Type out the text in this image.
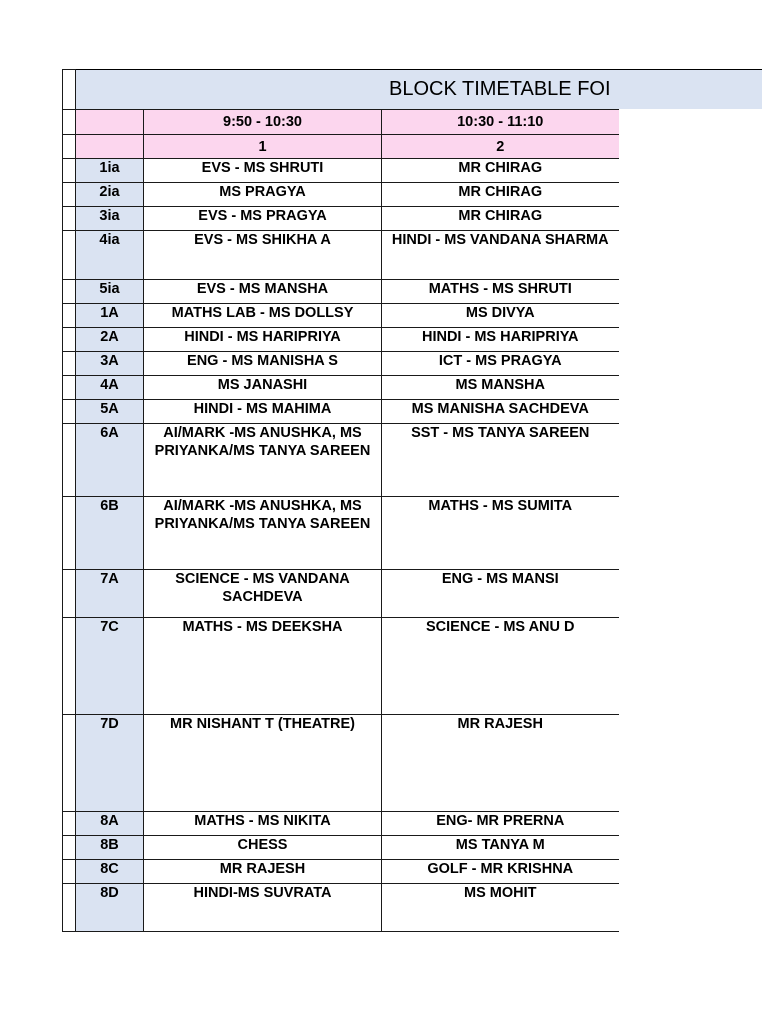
BLOCK TIMETABLE FOI

		9:50 - 10:30	10:30 - 11:10
		1	2
	1ia	EVS - MS SHRUTI	MR CHIRAG
	2ia	MS PRAGYA	MR CHIRAG
	3ia	EVS - MS PRAGYA	MR CHIRAG
	4ia	EVS - MS SHIKHA A	HINDI - MS VANDANA SHARMA
	5ia	EVS - MS MANSHA	MATHS - MS SHRUTI
	1A	MATHS LAB - MS DOLLSY	MS DIVYA
	2A	HINDI - MS HARIPRIYA	HINDI - MS HARIPRIYA
	3A	ENG - MS MANISHA S	ICT - MS PRAGYA
	4A	MS JANASHI	MS MANSHA
	5A	HINDI - MS MAHIMA	MS MANISHA SACHDEVA
	6A	AI/MARK -MS ANUSHKA, MS PRIYANKA/MS TANYA SAREEN	SST - MS TANYA SAREEN
	6B	AI/MARK -MS ANUSHKA, MS PRIYANKA/MS TANYA SAREEN	MATHS - MS SUMITA
	7A	SCIENCE - MS VANDANA SACHDEVA	ENG - MS MANSI
	7C	MATHS - MS DEEKSHA	SCIENCE - MS ANU D
	7D	MR NISHANT T (THEATRE)	MR RAJESH
	8A	MATHS - MS NIKITA	ENG- MR PRERNA
	8B	CHESS	MS TANYA M
	8C	MR RAJESH	GOLF - MR KRISHNA
	8D	HINDI-MS SUVRATA	MS MOHIT
